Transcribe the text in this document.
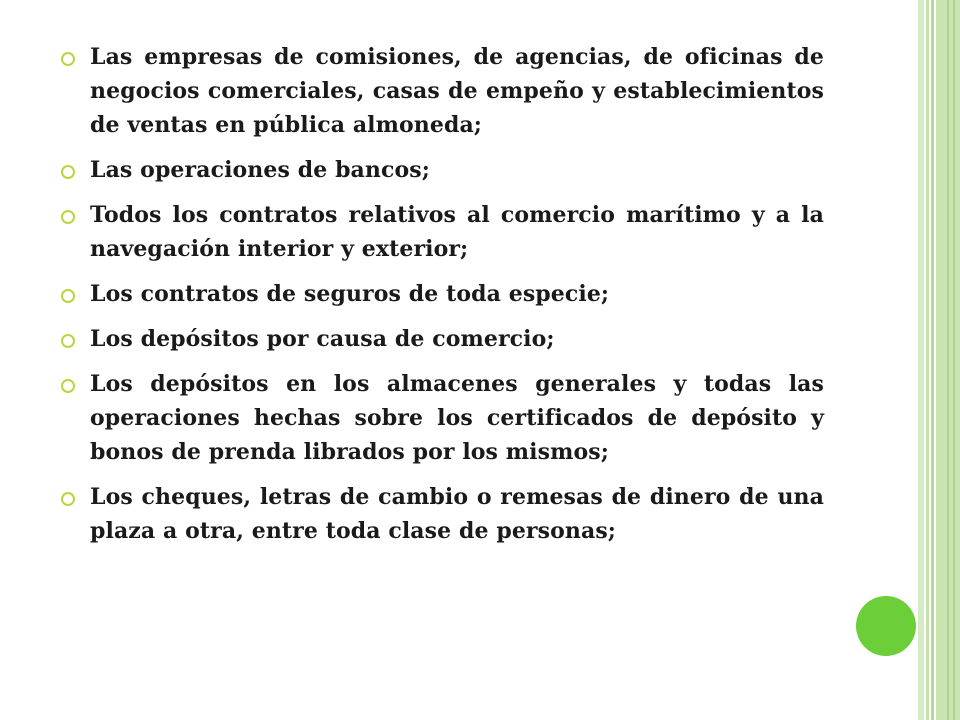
Las empresas de comisiones, de agencias, de oficinas de negocios comerciales, casas de empeño y establecimientos de ventas en pública almoneda;
Las operaciones de bancos;
Todos los contratos relativos al comercio marítimo y a la navegación interior y exterior;
Los contratos de seguros de toda especie;
Los depósitos por causa de comercio;
Los depósitos en los almacenes generales y todas las operaciones hechas sobre los certificados de depósito y bonos de prenda librados por los mismos;
Los cheques, letras de cambio o remesas de dinero de una plaza a otra, entre toda clase de personas;
